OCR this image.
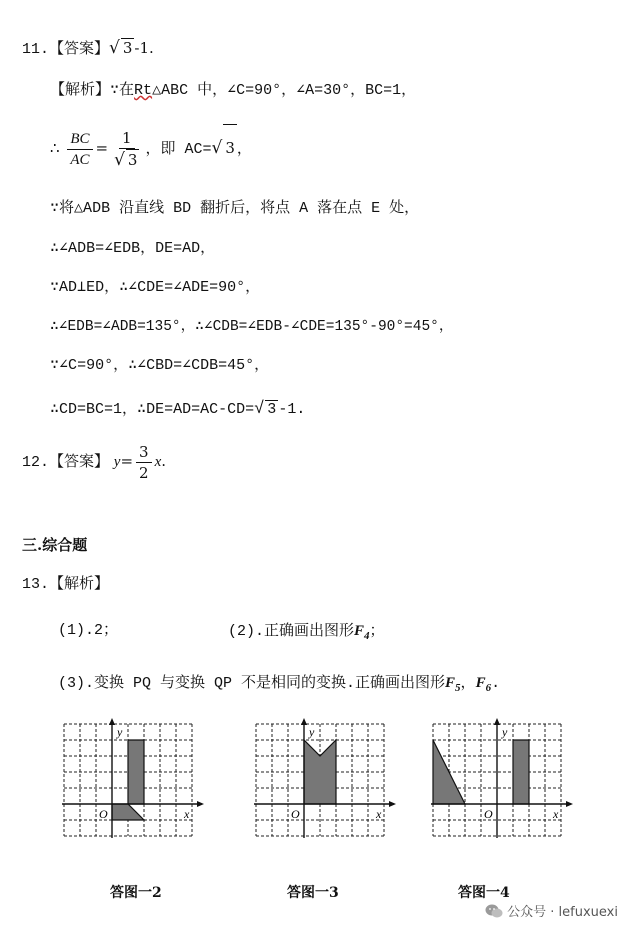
11.【答案】√ 3 -1.
【解析】∵在Rt△ABC 中，∠C=90°，∠A=30°，BC=1，
∴ $\frac{BC}{AC} = \frac{1}{√ 3}$ ，即 AC=√ 3 ，
∵将△ADB 沿直线 BD 翻折后，将点 A 落在点 E 处，
∴∠ADB=∠EDB，DE=AD，
∵AD⊥ED，∴∠CDE=∠ADE=90°，
∴∠EDB=∠ADB=135°，∴∠CDB=∠EDB-∠CDE=135°-90°=45°，
∵∠C=90°，∴∠CBD=∠CDB=45°，
∴CD=BC=1，∴DE=AD=AC-CD=√ 3 -1.
12.【答案】 $y= \frac{3}{2} x$.
三.综合题
13.【解析】
(1).2；	(2).正确画出图形$F_4$；
(3).变换 PQ 与变换 QP 不是相同的变换.正确画出图形$F_5$，$F_6$.
y
x
O
y
x
O
y
x
O
答图一2	答图一3	答图一4
公众号 · lefuxuexi
